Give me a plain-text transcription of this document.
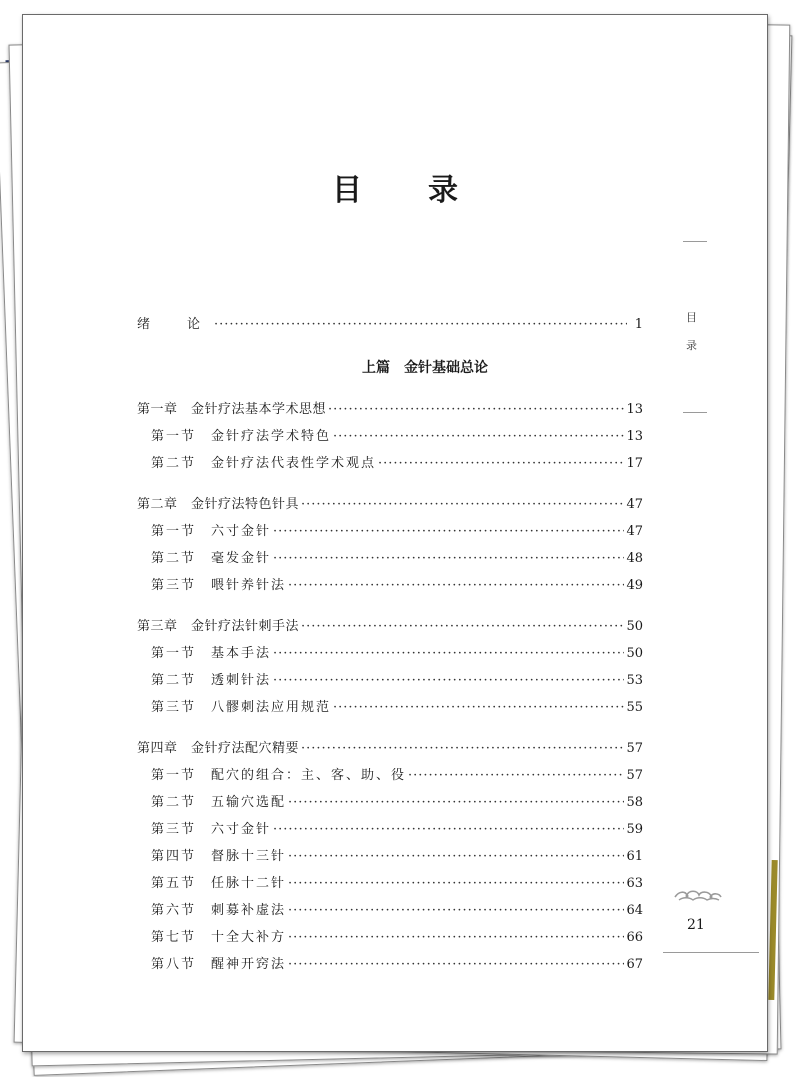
目　录
目
录
绪　论 ·····	1
上篇　金针基础总论
第一章　金针疗法基本学术思想 ·····	13
第一节　金针疗法学术特色 ·····	13
第二节　金针疗法代表性学术观点 ·····	17
第二章　金针疗法特色针具 ·····	47
第一节　六寸金针 ·····	47
第二节　毫发金针 ·····	48
第三节　喂针养针法 ·····	49
第三章　金针疗法针刺手法 ·····	50
第一节　基本手法 ·····	50
第二节　透刺针法 ·····	53
第三节　八髎刺法应用规范 ·····	55
第四章　金针疗法配穴精要 ·····	57
第一节　配穴的组合：主、客、助、役 ·····	57
第二节　五输穴选配 ·····	58
第三节　六寸金针 ·····	59
第四节　督脉十三针 ·····	61
第五节　任脉十二针 ·····	63
第六节　刺募补虚法 ·····	64
第七节　十全大补方 ·····	66
第八节　醒神开窍法 ·····	67
21
